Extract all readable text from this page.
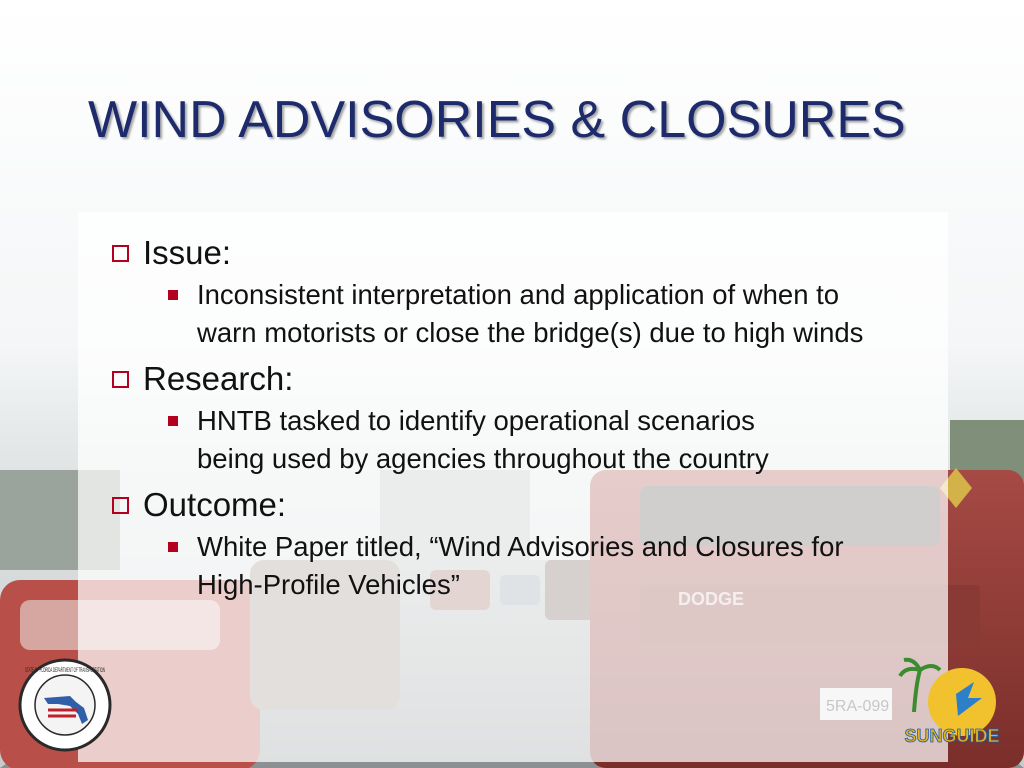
WIND ADVISORIES & CLOSURES
Issue:
Inconsistent interpretation and application of when to warn motorists or close the bridge(s) due to high winds
Research:
HNTB tasked to identify operational scenarios being used by agencies throughout the country
Outcome:
White Paper titled, “Wind Advisories and Closures for High-Profile Vehicles”
STATE OF FLORIDA DEPARTMENT OF TRANSPORTATION
SUNGUIDE
